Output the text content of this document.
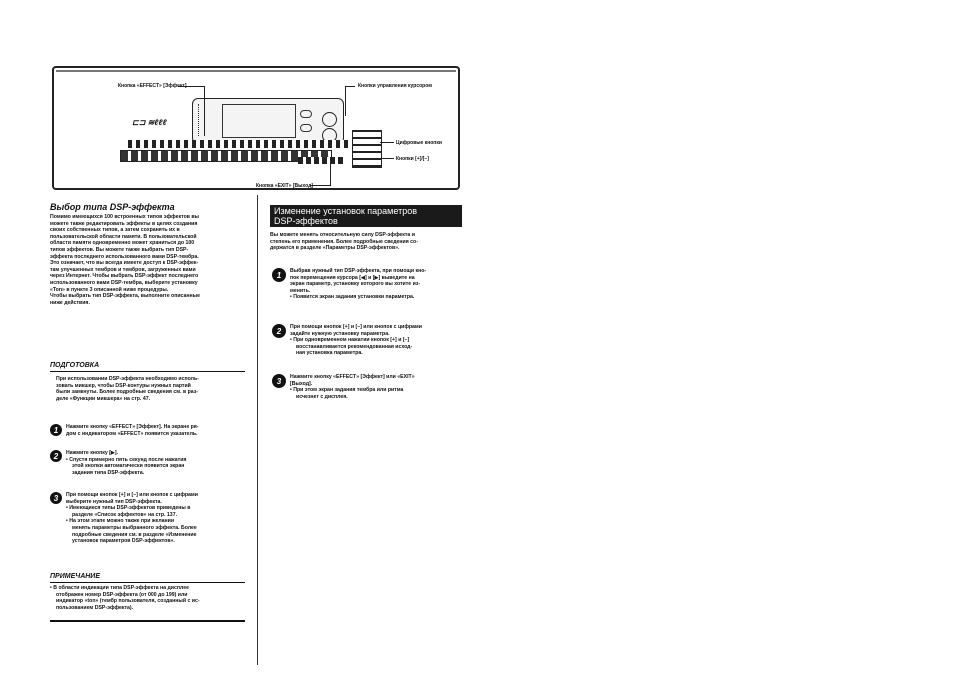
⊏⊐ ≋ℓℓℓ
Кнопка «EFFECT» [Эффект]	Кнопки управления курсором
Цифровые кнопки
Кнопки [+]/[–]
Кнопка «EXIT» [Выход]
Выбор типа DSP-эффекта
Помимо имеющихся 100 встроенных типов эффектов вы
можете также редактировать эффекты в целях создания
своих собственных типов, а затем сохранять их в
пользовательской области памяти. В пользовательской
области памяти одновременно может храниться до 100
типов эффектов. Вы можете также выбрать тип DSP-
эффекта последнего использованного вами DSP-тембра.
Это означает, что вы всегда имеете доступ к DSP-эффек-
там улучшенных тембров и тембров, загруженных вами
через Интернет. Чтобы выбрать DSP-эффект последнего
использованного вами DSP-тембра, выберите установку
«Ton» в пункте 3 описанной ниже процедуры.
Чтобы выбрать тип DSP-эффекта, выполните описанные
ниже действия.
ПОДГОТОВКА
При использовании DSP-эффекта необходимо исполь-
зовать микшер, чтобы DSP-контуры нужных партий
были замкнуты. Более подробные сведения см. в раз-
деле «Функции микшера» на стр. 47.
1	Нажмите кнопку «EFFECT» [Эффект]. На экране ря-
дом с индикатором «EFFECT» появится указатель.
2	Нажмите кнопку [▶].
• Спустя примерно пять секунд после нажатия
этой кнопки автоматически появится экран
задания типа DSP-эффекта.
3	При помощи кнопок [+] и [–] или кнопок с цифрами
выберите нужный тип DSP-эффекта.
• Имеющиеся типы DSP-эффектов приведены в
разделе «Список эффектов» на стр. 137.
• На этом этапе можно также при желании
менять параметры выбранного эффекта. Более
подробные сведения см. в разделе «Изменение
установок параметров DSP-эффектов».
ПРИМЕЧАНИЕ
• В области индикации типа DSP-эффекта на дисплее
отображен номер DSP-эффекта (от 000 до 199) или
индикатор «ton» (тембр пользователя, созданный с ис-
пользованием DSP-эффекта).
Изменение установок параметров
DSP-эффектов
Вы можете менять относительную силу DSP-эффекта и
степень его применения. Более подробные сведения со-
держатся в разделе «Параметры DSP-эффектов».
1	Выбрав нужный тип DSP-эффекта, при помощи кно-
пок перемещения курсора [◀] и [▶] выведите на
экран параметр, установку которого вы хотите из-
менить.
• Появится экран задания установки параметра.
2	При помощи кнопок [+] и [–] или кнопок с цифрами
задайте нужную установку параметра.
• При одновременном нажатии кнопок [+] и [–]
восстанавливается рекомендованная исход-
ная установка параметра.
3	Нажмите кнопку «EFFECT» [Эффект] или «EXIT»
[Выход].
• При этом экран задания тембра или ритма
исчезнет с дисплея.
